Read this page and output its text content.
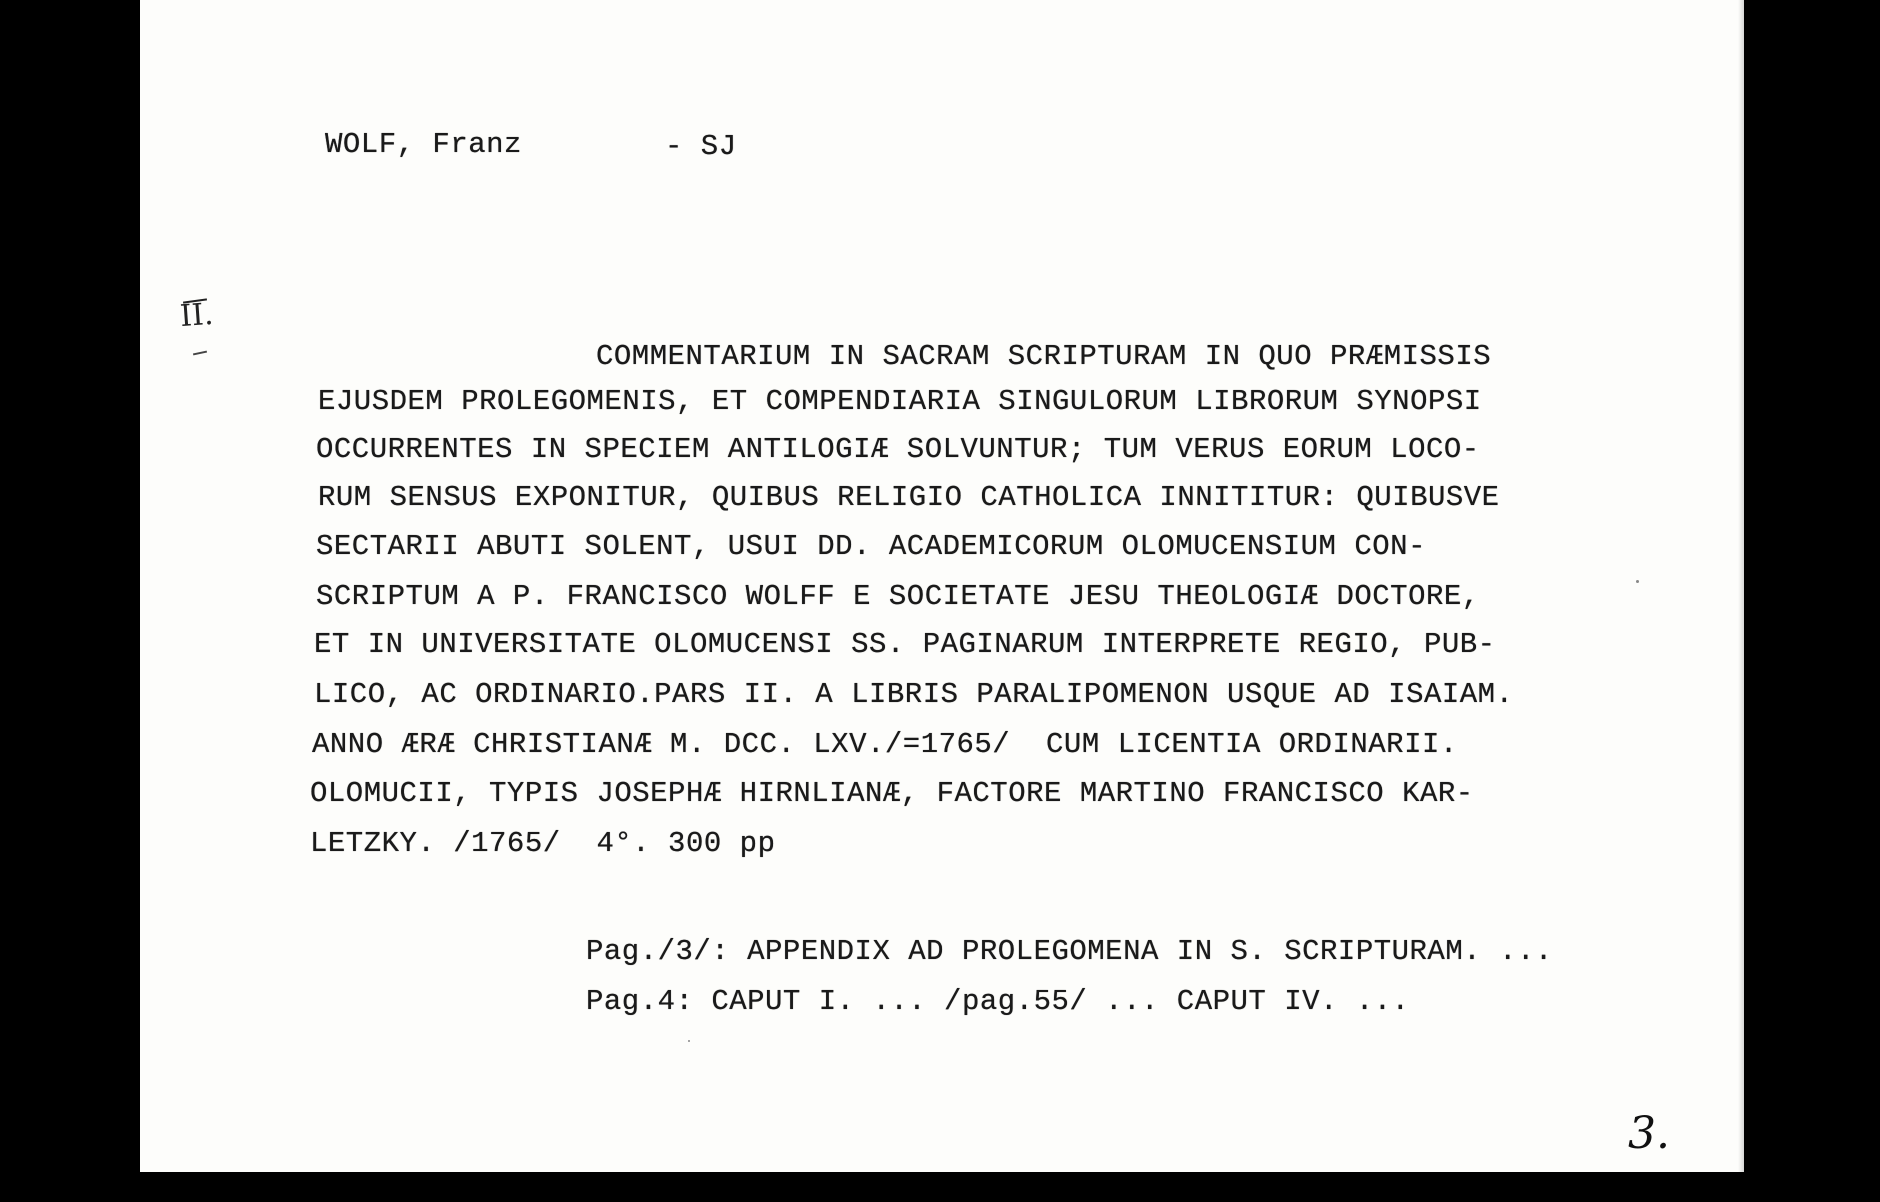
WOLF, Franz	- SJ
II.
COMMENTARIUM IN SACRAM SCRIPTURAM IN QUO PRÆMISSIS
EJUSDEM PROLEGOMENIS, ET COMPENDIARIA SINGULORUM LIBRORUM SYNOPSI
OCCURRENTES IN SPECIEM ANTILOGIÆ SOLVUNTUR; TUM VERUS EORUM LOCO-
RUM SENSUS EXPONITUR, QUIBUS RELIGIO CATHOLICA INNITITUR: QUIBUSVE
SECTARII ABUTI SOLENT, USUI DD. ACADEMICORUM OLOMUCENSIUM CON-
SCRIPTUM A P. FRANCISCO WOLFF E SOCIETATE JESU THEOLOGIÆ DOCTORE,
ET IN UNIVERSITATE OLOMUCENSI SS. PAGINARUM INTERPRETE REGIO, PUB-
LICO, AC ORDINARIO.PARS II. A LIBRIS PARALIPOMENON USQUE AD ISAIAM.
ANNO ÆRÆ CHRISTIANÆ M. DCC. LXV./=1765/  CUM LICENTIA ORDINARII.
OLOMUCII, TYPIS JOSEPHÆ HIRNLIANÆ, FACTORE MARTINO FRANCISCO KAR-
LETZKY. /1765/  4°. 300 pp
Pag./3/: APPENDIX AD PROLEGOMENA IN S. SCRIPTURAM. ...
Pag.4: CAPUT I. ... /pag.55/ ... CAPUT IV. ...
3.
